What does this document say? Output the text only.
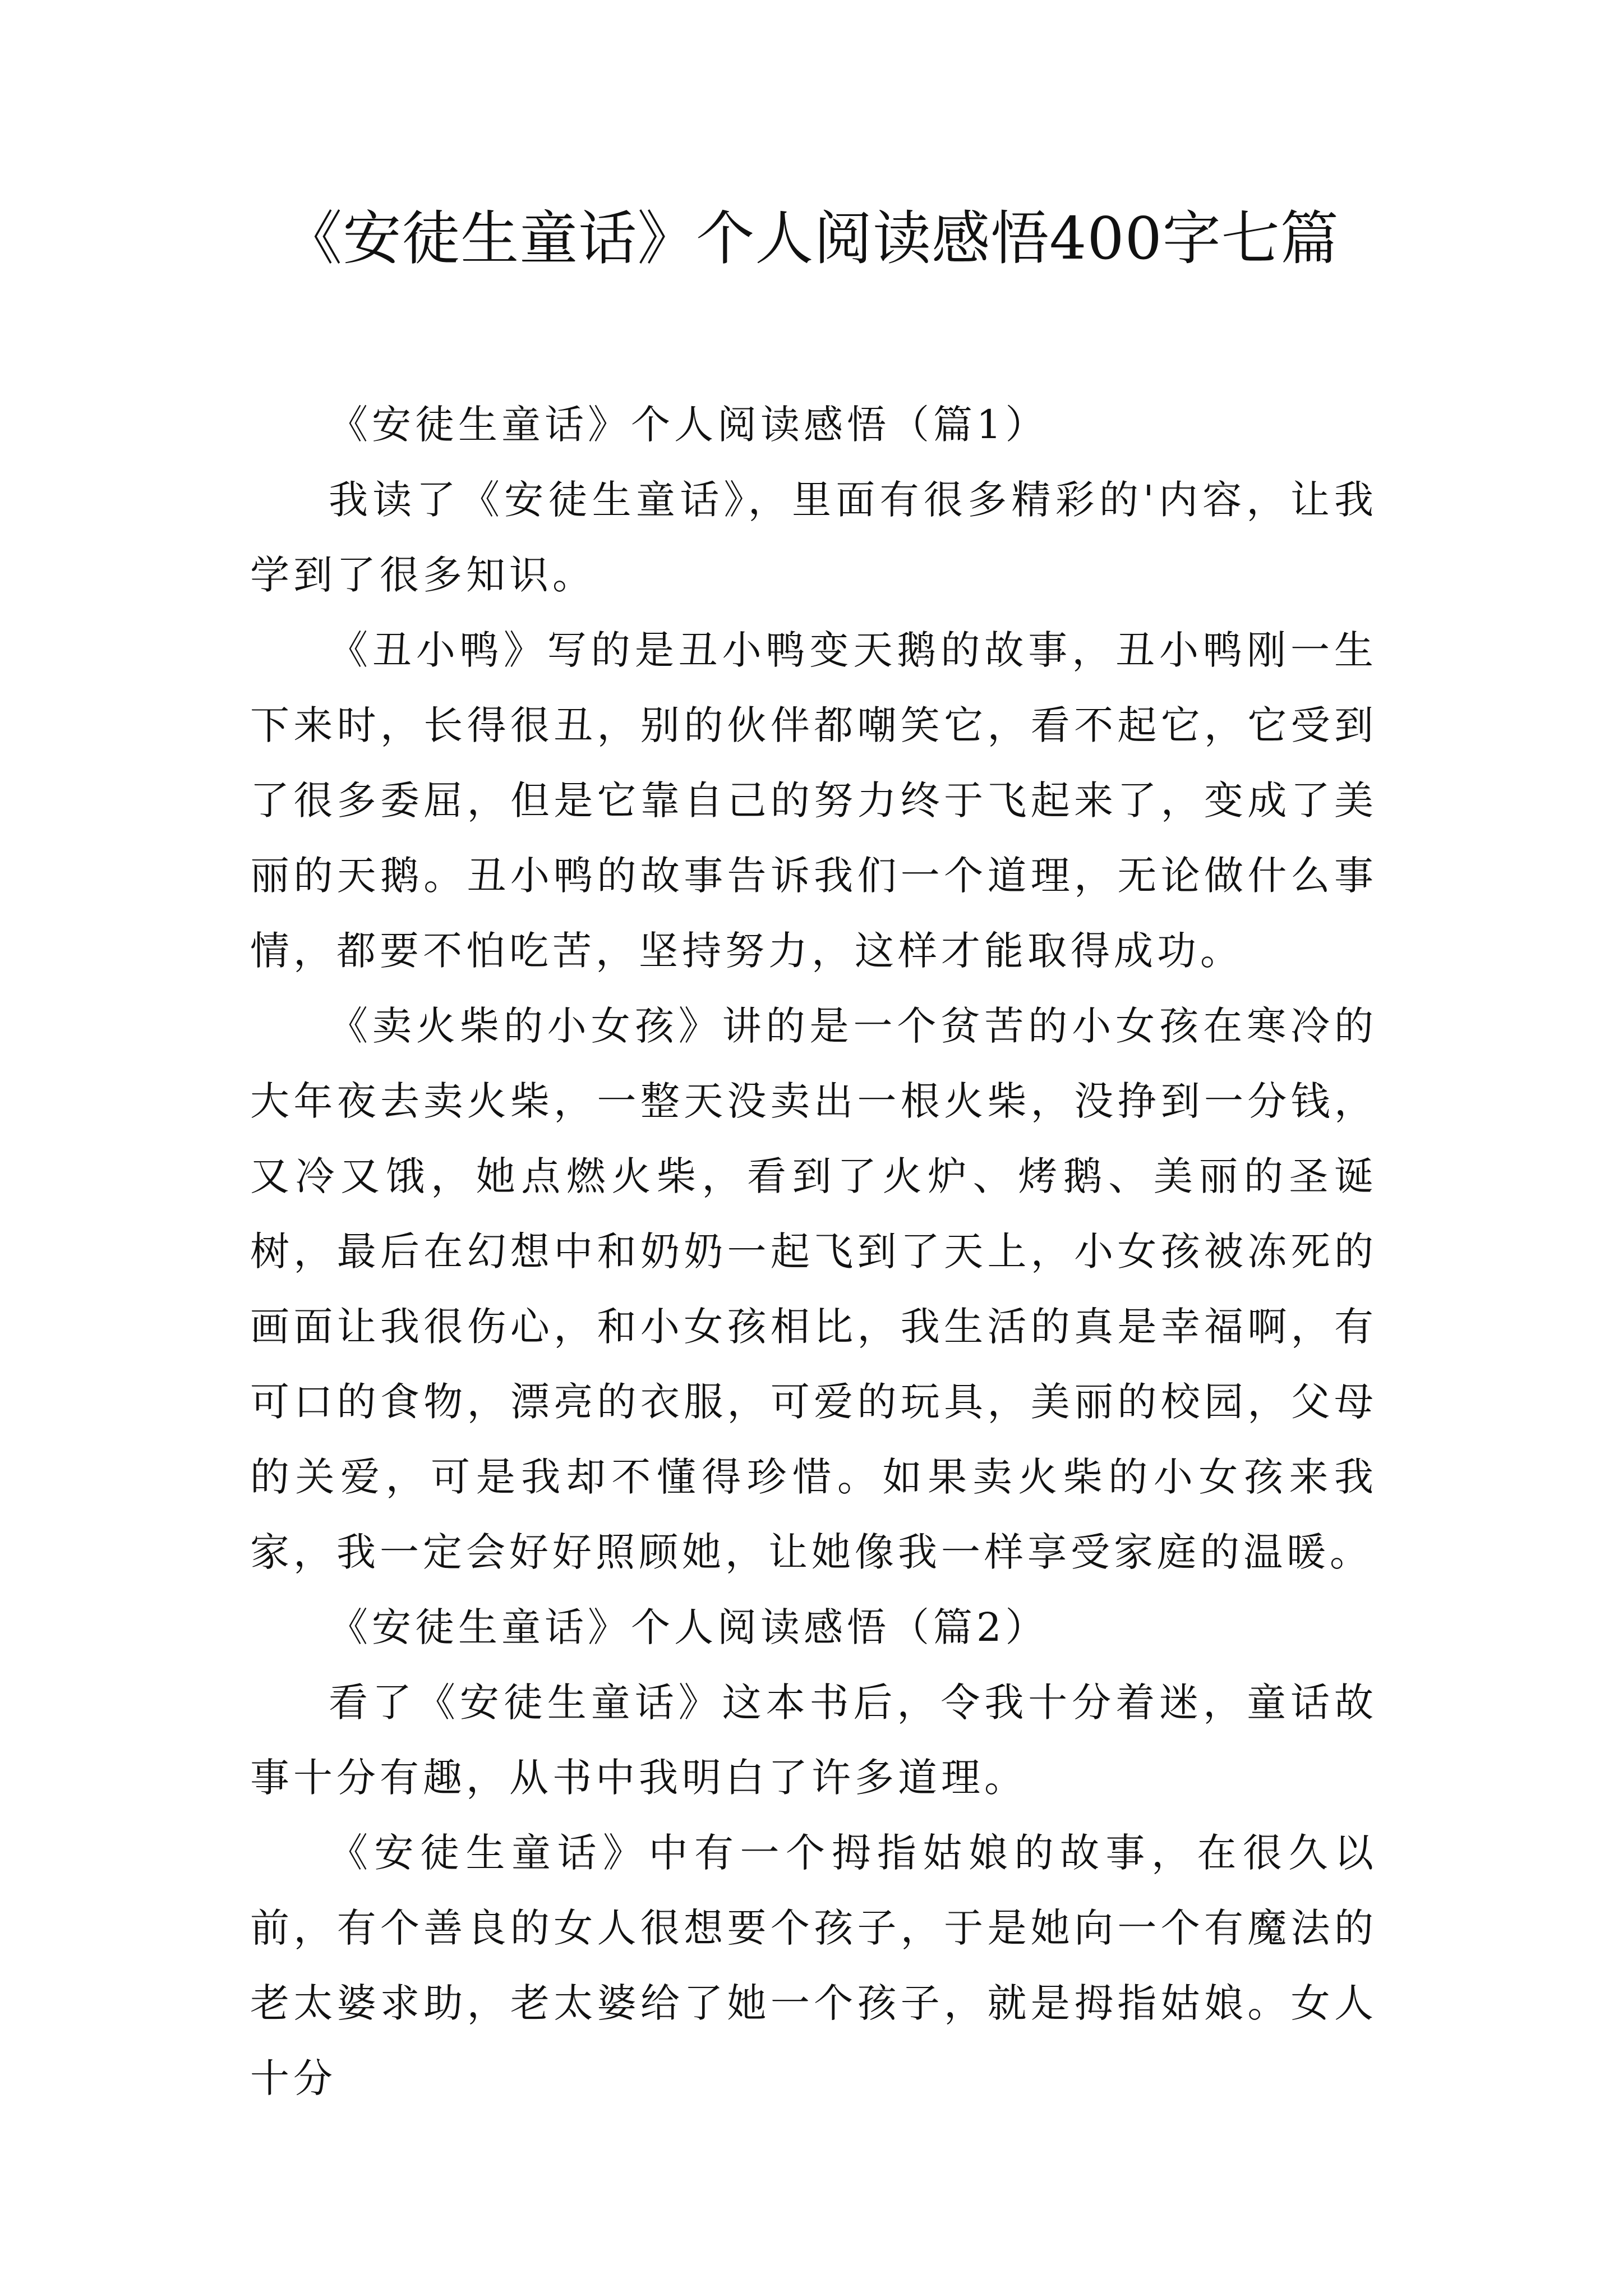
《安徒生童话》个人阅读感悟400字七篇

《安徒生童话》个人阅读感悟（篇1）

我读了《安徒生童话》，里面有很多精彩的'内容，让我学到了很多知识。

《丑小鸭》写的是丑小鸭变天鹅的故事，丑小鸭刚一生下来时，长得很丑，别的伙伴都嘲笑它，看不起它，它受到了很多委屈，但是它靠自己的努力终于飞起来了，变成了美丽的天鹅。丑小鸭的故事告诉我们一个道理，无论做什么事情，都要不怕吃苦，坚持努力，这样才能取得成功。

《卖火柴的小女孩》讲的是一个贫苦的小女孩在寒冷的大年夜去卖火柴，一整天没卖出一根火柴，没挣到一分钱，又冷又饿，她点燃火柴，看到了火炉、烤鹅、美丽的圣诞树，最后在幻想中和奶奶一起飞到了天上，小女孩被冻死的画面让我很伤心，和小女孩相比，我生活的真是幸福啊，有可口的食物，漂亮的衣服，可爱的玩具，美丽的校园，父母的关爱，可是我却不懂得珍惜。如果卖火柴的小女孩来我家，我一定会好好照顾她，让她像我一样享受家庭的温暖。

《安徒生童话》个人阅读感悟（篇2）

看了《安徒生童话》这本书后，令我十分着迷，童话故事十分有趣，从书中我明白了许多道理。

《安徒生童话》中有一个拇指姑娘的故事，在很久以前，有个善良的女人很想要个孩子，于是她向一个有魔法的老太婆求助，老太婆给了她一个孩子，就是拇指姑娘。女人十分
